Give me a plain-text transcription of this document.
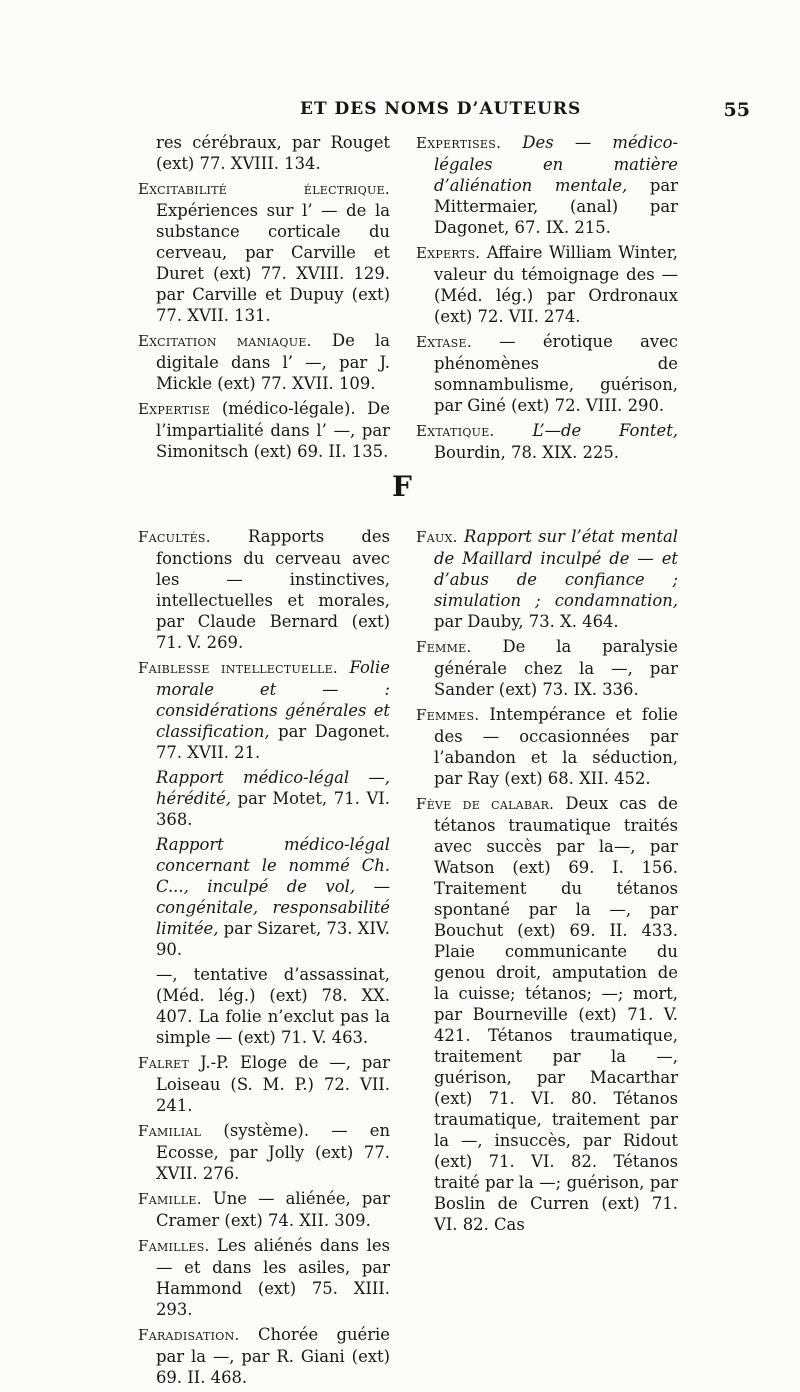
ET DES NOMS D’AUTEURS	55

res cérébraux, par Rouget (ext) 77. XVIII. 134.

Excitabilité électrique. Expériences sur l’ — de la substance corticale du cerveau, par Carville et Duret (ext) 77. XVIII. 129. par Carville et Dupuy (ext) 77. XVII. 131.

Excitation maniaque. De la digitale dans l’ —, par J. Mickle (ext) 77. XVII. 109.

Expertise (médico-légale). De l’impartialité dans l’ —, par Simonitsch (ext) 69. II. 135.

Expertises. Des — médico-légales en matière d’aliénation mentale, par Mittermaier, (anal) par Dagonet, 67. IX. 215.

Experts. Affaire William Winter, valeur du témoignage des — (Méd. lég.) par Ordronaux (ext) 72. VII. 274.

Extase. — érotique avec phénomènes de somnambulisme, guérison, par Giné (ext) 72. VIII. 290.

Extatique. L’—de Fontet, Bourdin, 78. XIX. 225.

F

Facultés. Rapports des fonctions du cerveau avec les — instinctives, intellectuelles et morales, par Claude Bernard (ext) 71. V. 269.

Faiblesse intellectuelle. Folie morale et — : considérations générales et classification, par Dagonet. 77. XVII. 21.

Rapport médico-légal —, hérédité, par Motet, 71. VI. 368.

Rapport médico-légal concernant le nommé Ch. C..., inculpé de vol, — congénitale, responsabilité limitée, par Sizaret, 73. XIV. 90.

—, tentative d’assassinat, (Méd. lég.) (ext) 78. XX. 407. La folie n’exclut pas la simple — (ext) 71. V. 463.

Falret J.-P. Eloge de —, par Loiseau (S. M. P.) 72. VII. 241.

Familial (système). — en Ecosse, par Jolly (ext) 77. XVII. 276.

Famille. Une — aliénée, par Cramer (ext) 74. XII. 309.

Familles. Les aliénés dans les — et dans les asiles, par Hammond (ext) 75. XIII. 293.

Faradisation. Chorée guérie par la —, par R. Giani (ext) 69. II. 468.

Faux. Rapport sur l’état mental de Maillard inculpé de — et d’abus de confiance ; simulation ; condamnation, par Dauby, 73. X. 464.

Femme. De la paralysie générale chez la —, par Sander (ext) 73. IX. 336.

Femmes. Intempérance et folie des — occasionnées par l’abandon et la séduction, par Ray (ext) 68. XII. 452.

Fève de calabar. Deux cas de tétanos traumatique traités avec succès par la—, par Watson (ext) 69. I. 156. Traitement du tétanos spontané par la —, par Bouchut (ext) 69. II. 433. Plaie communicante du genou droit, amputation de la cuisse; tétanos; —; mort, par Bourneville (ext) 71. V. 421. Tétanos traumatique, traitement par la —, guérison, par Macarthar (ext) 71. VI. 80. Tétanos traumatique, traitement par la —, insuccès, par Ridout (ext) 71. VI. 82. Tétanos traité par la —; guérison, par Boslin de Curren (ext) 71. VI. 82. Cas
